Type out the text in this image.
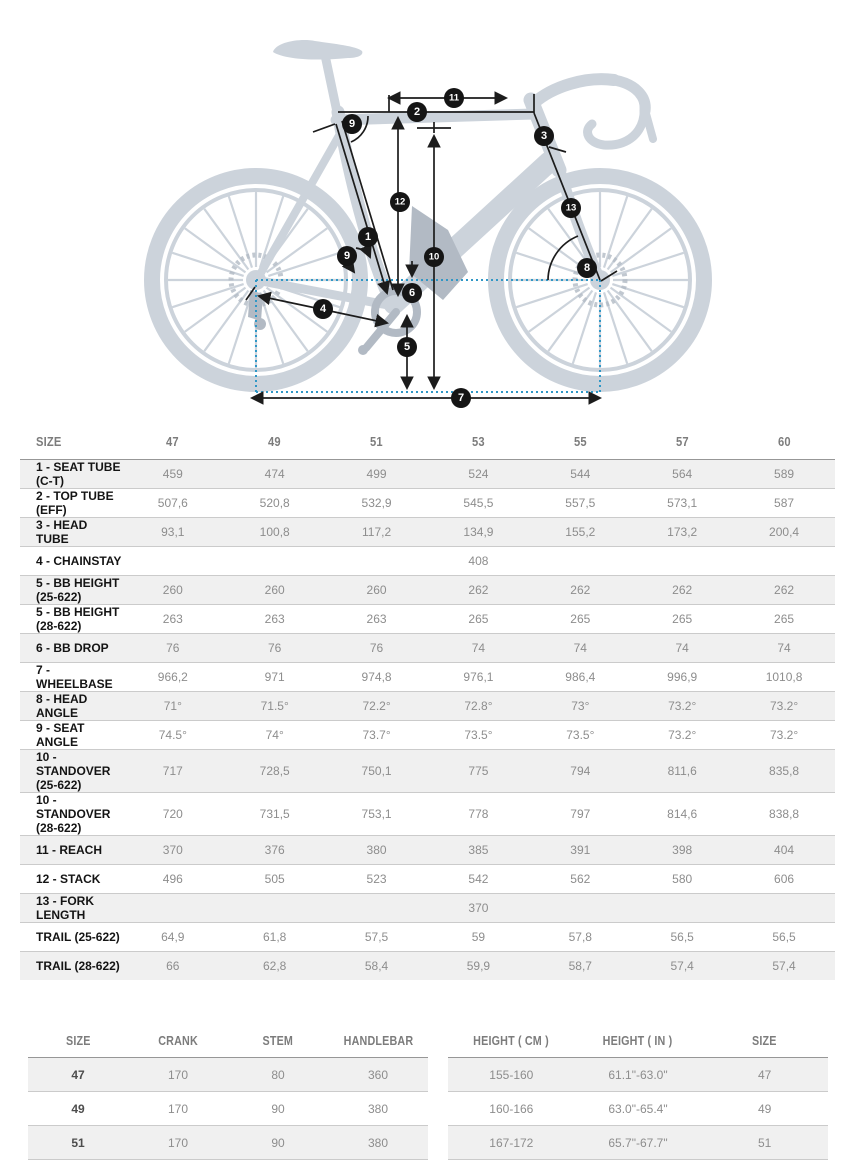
1
2
3
4
5
6
7
8
9
9	10
11
12
13
SIZE	47	49	51	53	55	57	60
1 - SEAT TUBE (C-T)	459	474	499	524	544	564	589
2 - TOP TUBE (EFF)	507,6	520,8	532,9	545,5	557,5	573,1	587
3 - HEAD TUBE	93,1	100,8	117,2	134,9	155,2	173,2	200,4
4 - CHAINSTAY				408			
5 - BB HEIGHT (25-622)	260	260	260	262	262	262	262
5 - BB HEIGHT (28-622)	263	263	263	265	265	265	265
6 - BB DROP	76	76	76	74	74	74	74
7 - WHEELBASE	966,2	971	974,8	976,1	986,4	996,9	1010,8
8 - HEAD ANGLE	71°	71.5°	72.2°	72.8°	73°	73.2°	73.2°
9 - SEAT ANGLE	74.5°	74°	73.7°	73.5°	73.5°	73.2°	73.2°
10 - STANDOVER (25-622)	717	728,5	750,1	775	794	811,6	835,8
10 - STANDOVER (28-622)	720	731,5	753,1	778	797	814,6	838,8
11 - REACH	370	376	380	385	391	398	404
12 - STACK	496	505	523	542	562	580	606
13 - FORK LENGTH				370			
TRAIL (25-622)	64,9	61,8	57,5	59	57,8	56,5	56,5
TRAIL (28-622)	66	62,8	58,4	59,9	58,7	57,4	57,4
SIZE	CRANK	STEM	HANDLEBAR
47	170	80	360
49	170	90	380
51	170	90	380
HEIGHT ( CM )	HEIGHT ( IN )	SIZE
155-160	61.1"-63.0"	47
160-166	63.0"-65.4"	49
167-172	65.7"-67.7"	51
